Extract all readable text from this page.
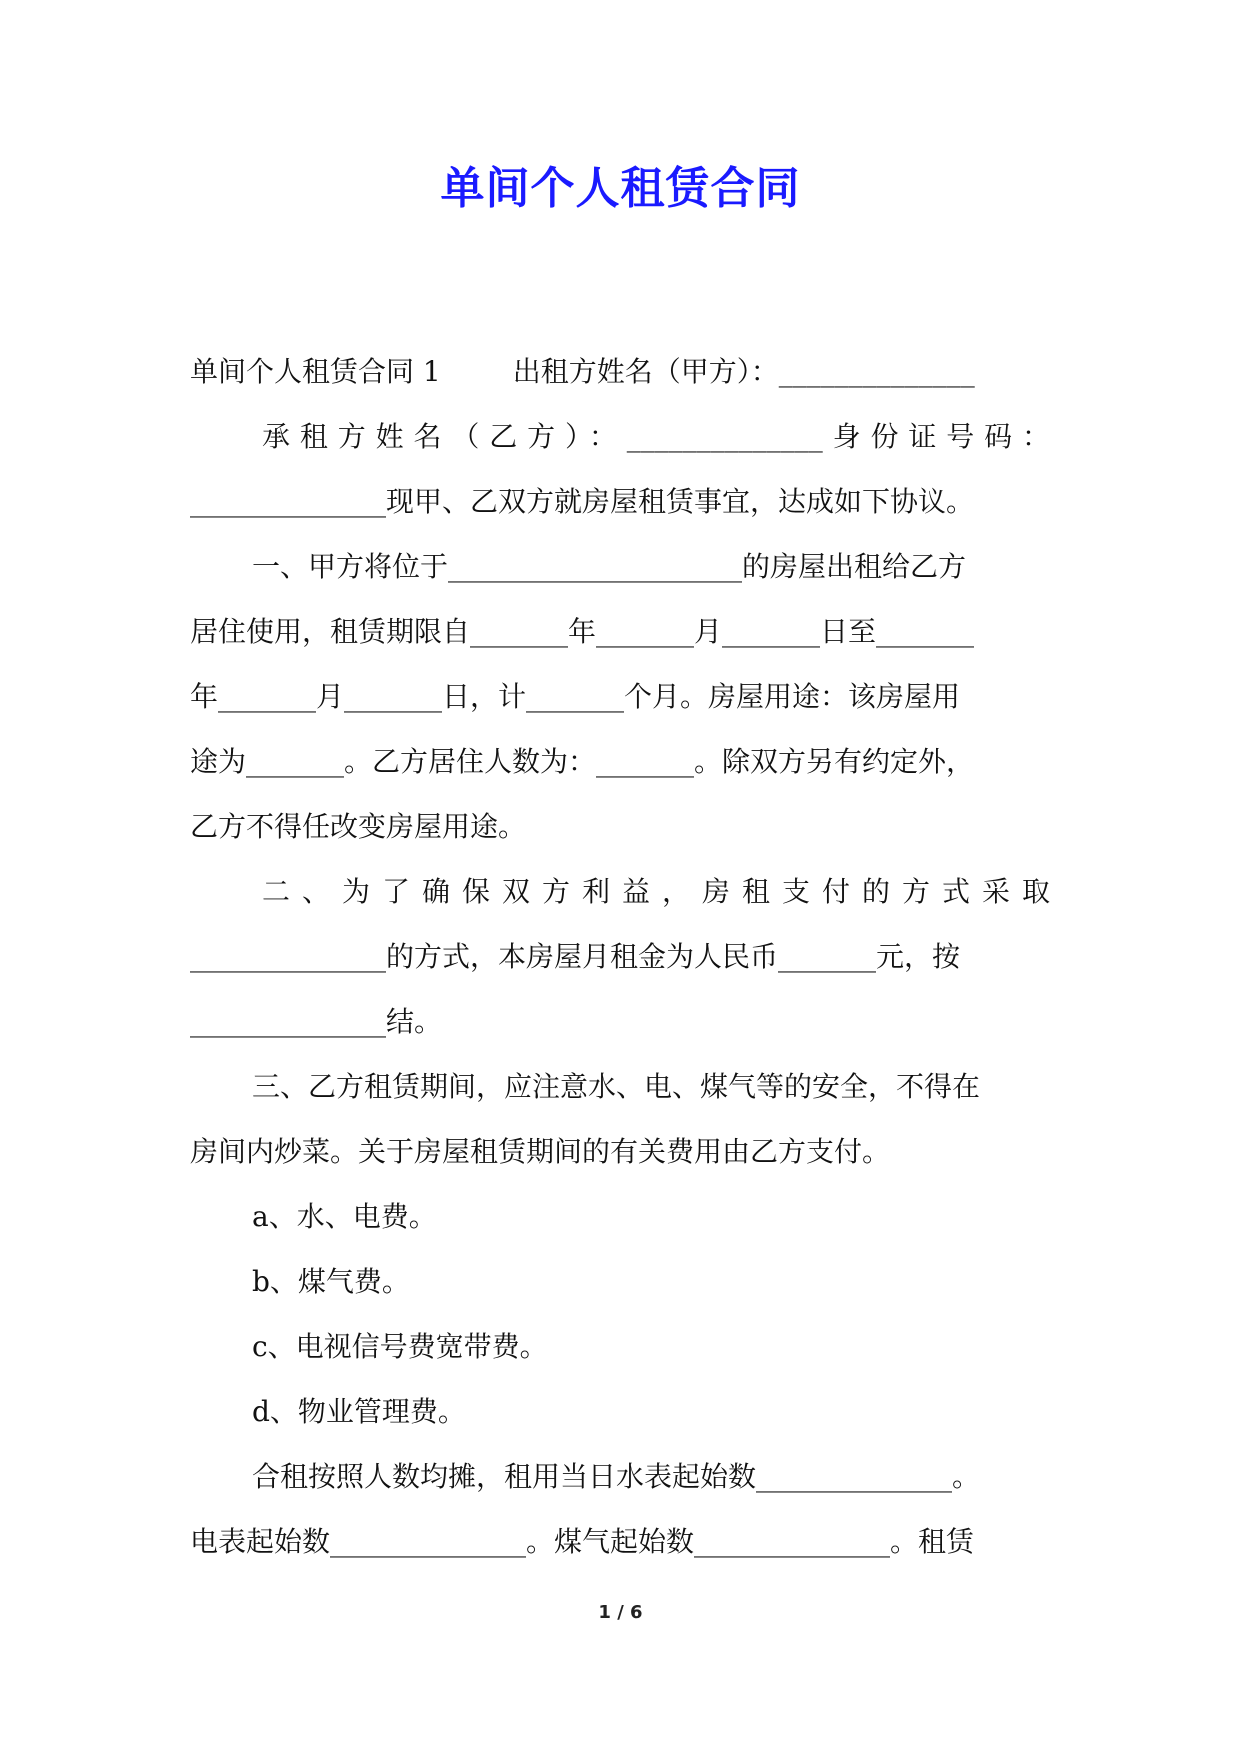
单间个人租赁合同
单间个人租赁合同 1	出租方姓名（甲方）：______________
承租方姓名（乙方）：______________身份证号码：
______________现甲、乙双方就房屋租赁事宜，达成如下协议。
一、甲方将位于_____________________的房屋出租给乙方
居住使用，租赁期限自_______年_______月_______日至_______
年_______月_______日，计_______个月。房屋用途：该房屋用
途为_______。乙方居住人数为：_______。除双方另有约定外，
乙方不得任改变房屋用途。
二、为了确保双方利益，房租支付的方式采取
______________的方式，本房屋月租金为人民币_______元，按
______________结。
三、乙方租赁期间，应注意水、电、煤气等的安全，不得在
房间内炒菜。关于房屋租赁期间的有关费用由乙方支付。
a、水、电费。
b、煤气费。
c、电视信号费宽带费。
d、物业管理费。
合租按照人数均摊，租用当日水表起始数______________。
电表起始数______________。煤气起始数______________。租赁
1 / 6
